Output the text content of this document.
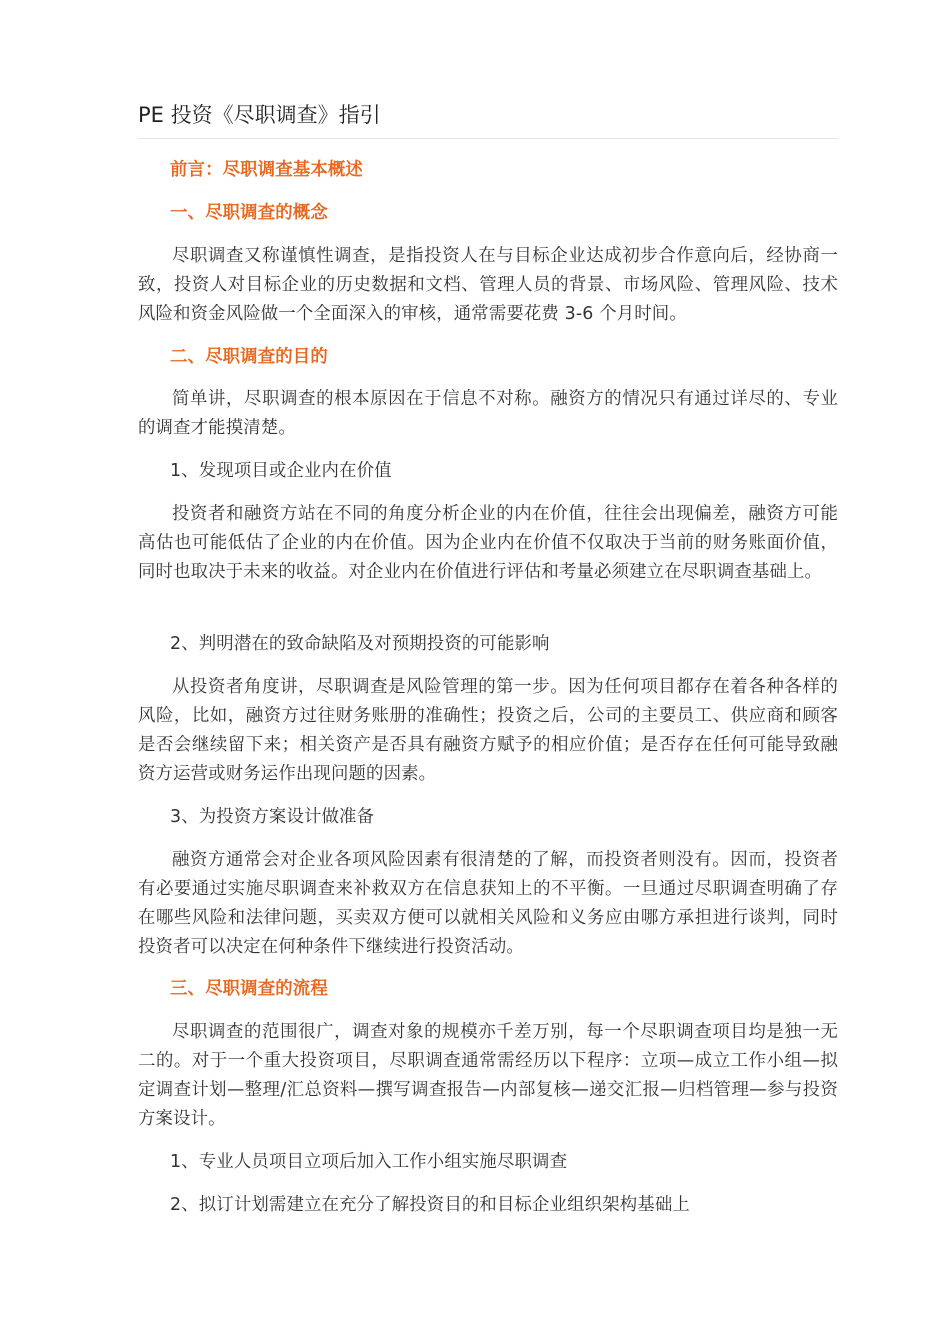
PE 投资《尽职调查》指引
前言：尽职调查基本概述
一、尽职调查的概念
尽职调查又称谨慎性调查，是指投资人在与目标企业达成初步合作意向后，经协商一致，投资人对目标企业的历史数据和文档、管理人员的背景、市场风险、管理风险、技术风险和资金风险做一个全面深入的审核，通常需要花费 3-6 个月时间。
二、尽职调查的目的
简单讲，尽职调查的根本原因在于信息不对称。融资方的情况只有通过详尽的、专业的调查才能摸清楚。
1、发现项目或企业内在价值
投资者和融资方站在不同的角度分析企业的内在价值，往往会出现偏差，融资方可能高估也可能低估了企业的内在价值。因为企业内在价值不仅取决于当前的财务账面价值，同时也取决于未来的收益。对企业内在价值进行评估和考量必须建立在尽职调查基础上。
2、判明潜在的致命缺陷及对预期投资的可能影响
从投资者角度讲，尽职调查是风险管理的第一步。因为任何项目都存在着各种各样的风险，比如，融资方过往财务账册的准确性；投资之后，公司的主要员工、供应商和顾客是否会继续留下来；相关资产是否具有融资方赋予的相应价值；是否存在任何可能导致融资方运营或财务运作出现问题的因素。
3、为投资方案设计做准备
融资方通常会对企业各项风险因素有很清楚的了解，而投资者则没有。因而，投资者有必要通过实施尽职调查来补救双方在信息获知上的不平衡。一旦通过尽职调查明确了存在哪些风险和法律问题，买卖双方便可以就相关风险和义务应由哪方承担进行谈判，同时投资者可以决定在何种条件下继续进行投资活动。
三、尽职调查的流程
尽职调查的范围很广，调查对象的规模亦千差万别，每一个尽职调查项目均是独一无二的。对于一个重大投资项目，尽职调查通常需经历以下程序：立项—成立工作小组—拟定调查计划—整理/汇总资料—撰写调查报告—内部复核—递交汇报—归档管理—参与投资方案设计。
1、专业人员项目立项后加入工作小组实施尽职调查
2、拟订计划需建立在充分了解投资目的和目标企业组织架构基础上
